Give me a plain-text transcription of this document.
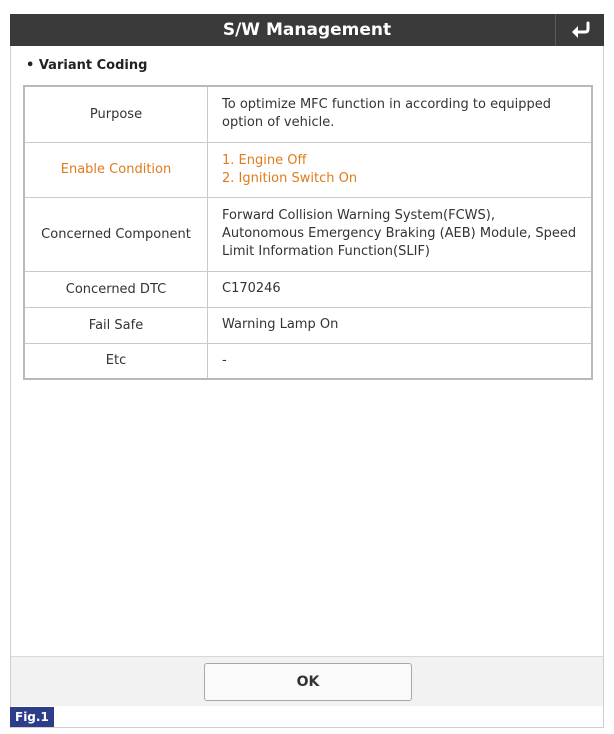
S/W Management
• Variant Coding
Purpose	To optimize MFC function in according to equipped
option of vehicle.

Enable Condition	1. Engine Off
2. Ignition Switch On

Concerned Component	Forward Collision Warning System(FCWS),
Autonomous Emergency Braking (AEB) Module, Speed
Limit Information Function(SLIF)

Concerned DTC	C170246

Fail Safe	Warning Lamp On

Etc	-
OK
Fig.1
